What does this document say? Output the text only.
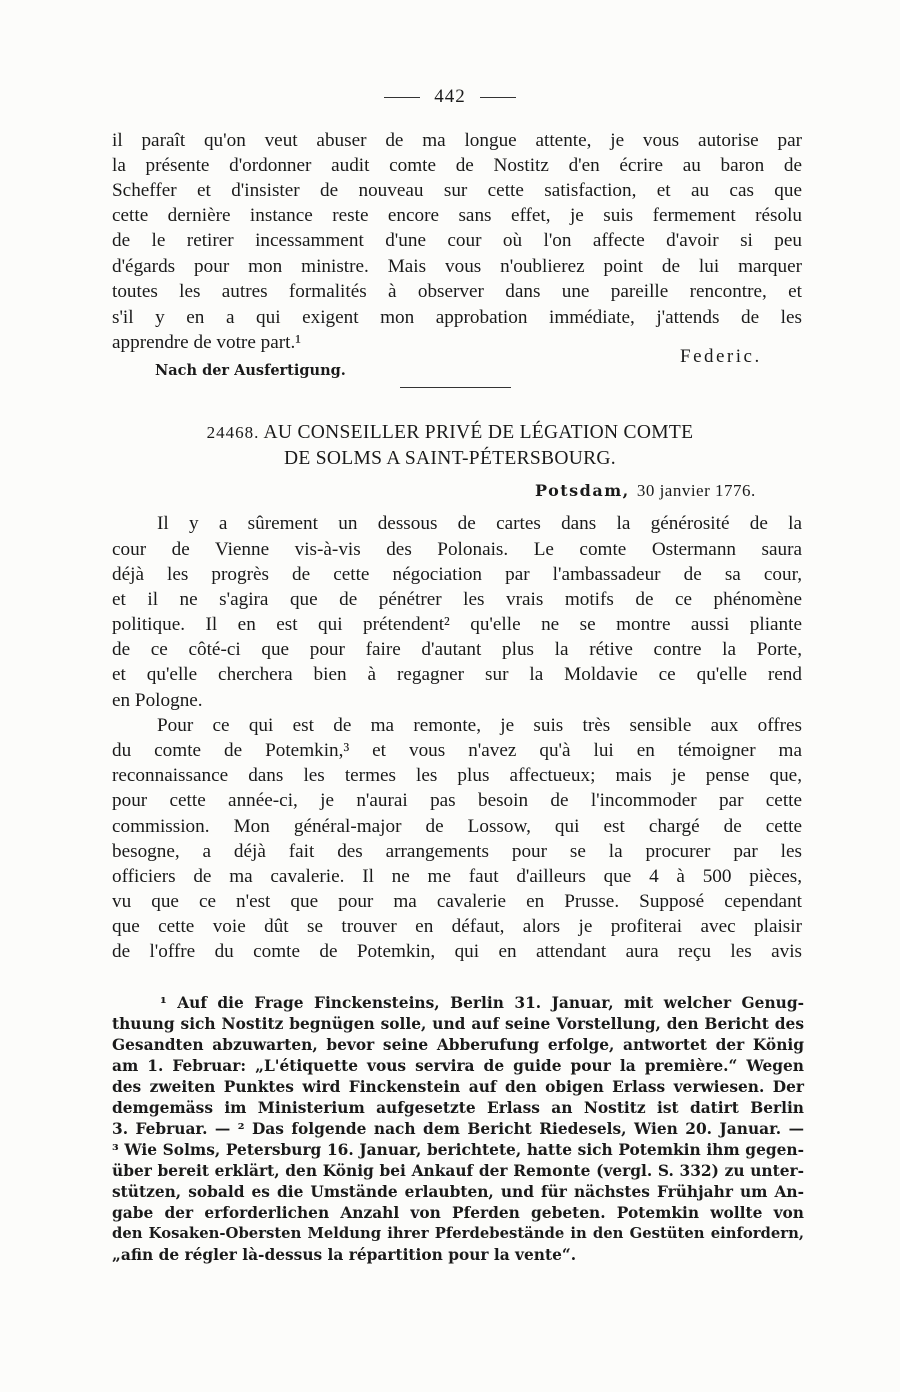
442
il paraît qu'on veut abuser de ma longue attente, je vous autorise par
la présente d'ordonner audit comte de Nostitz d'en écrire au baron de
Scheffer et d'insister de nouveau sur cette satisfaction, et au cas que
cette dernière instance reste encore sans effet, je suis fermement résolu
de le retirer incessamment d'une cour où l'on affecte d'avoir si peu
d'égards pour mon ministre. Mais vous n'oublierez point de lui marquer
toutes les autres formalités à observer dans une pareille rencontre, et
s'il y en a qui exigent mon approbation immédiate, j'attends de les
apprendre de votre part.¹
Federic.
Nach der Ausfertigung.
24468. AU CONSEILLER PRIVÉ DE LÉGATION COMTE
DE SOLMS A SAINT-PÉTERSBOURG.
Potsdam, 30 janvier 1776.
Il y a sûrement un dessous de cartes dans la générosité de la
cour de Vienne vis-à-vis des Polonais. Le comte Ostermann saura
déjà les progrès de cette négociation par l'ambassadeur de sa cour,
et il ne s'agira que de pénétrer les vrais motifs de ce phénomène
politique. Il en est qui prétendent² qu'elle ne se montre aussi pliante
de ce côté-ci que pour faire d'autant plus la rétive contre la Porte,
et qu'elle cherchera bien à regagner sur la Moldavie ce qu'elle rend
en Pologne.
Pour ce qui est de ma remonte, je suis très sensible aux offres
du comte de Potemkin,³ et vous n'avez qu'à lui en témoigner ma
reconnaissance dans les termes les plus affectueux; mais je pense que,
pour cette année-ci, je n'aurai pas besoin de l'incommoder par cette
commission. Mon général-major de Lossow, qui est chargé de cette
besogne, a déjà fait des arrangements pour se la procurer par les
officiers de ma cavalerie. Il ne me faut d'ailleurs que 4 à 500 pièces,
vu que ce n'est que pour ma cavalerie en Prusse. Supposé cependant
que cette voie dût se trouver en défaut, alors je profiterai avec plaisir
de l'offre du comte de Potemkin, qui en attendant aura reçu les avis
¹ Auf die Frage Finckensteins, Berlin 31. Januar, mit welcher Genug-
thuung sich Nostitz begnügen solle, und auf seine Vorstellung, den Bericht des
Gesandten abzuwarten, bevor seine Abberufung erfolge, antwortet der König
am 1. Februar: „L'étiquette vous servira de guide pour la première.“ Wegen
des zweiten Punktes wird Finckenstein auf den obigen Erlass verwiesen. Der
demgemäss im Ministerium aufgesetzte Erlass an Nostitz ist datirt Berlin
3. Februar. — ² Das folgende nach dem Bericht Riedesels, Wien 20. Januar. —
³ Wie Solms, Petersburg 16. Januar, berichtete, hatte sich Potemkin ihm gegen-
über bereit erklärt, den König bei Ankauf der Remonte (vergl. S. 332) zu unter-
stützen, sobald es die Umstände erlaubten, und für nächstes Frühjahr um An-
gabe der erforderlichen Anzahl von Pferden gebeten. Potemkin wollte von
den Kosaken-Obersten Meldung ihrer Pferdebestände in den Gestüten einfordern,
„afin de régler là-dessus la répartition pour la vente“.
